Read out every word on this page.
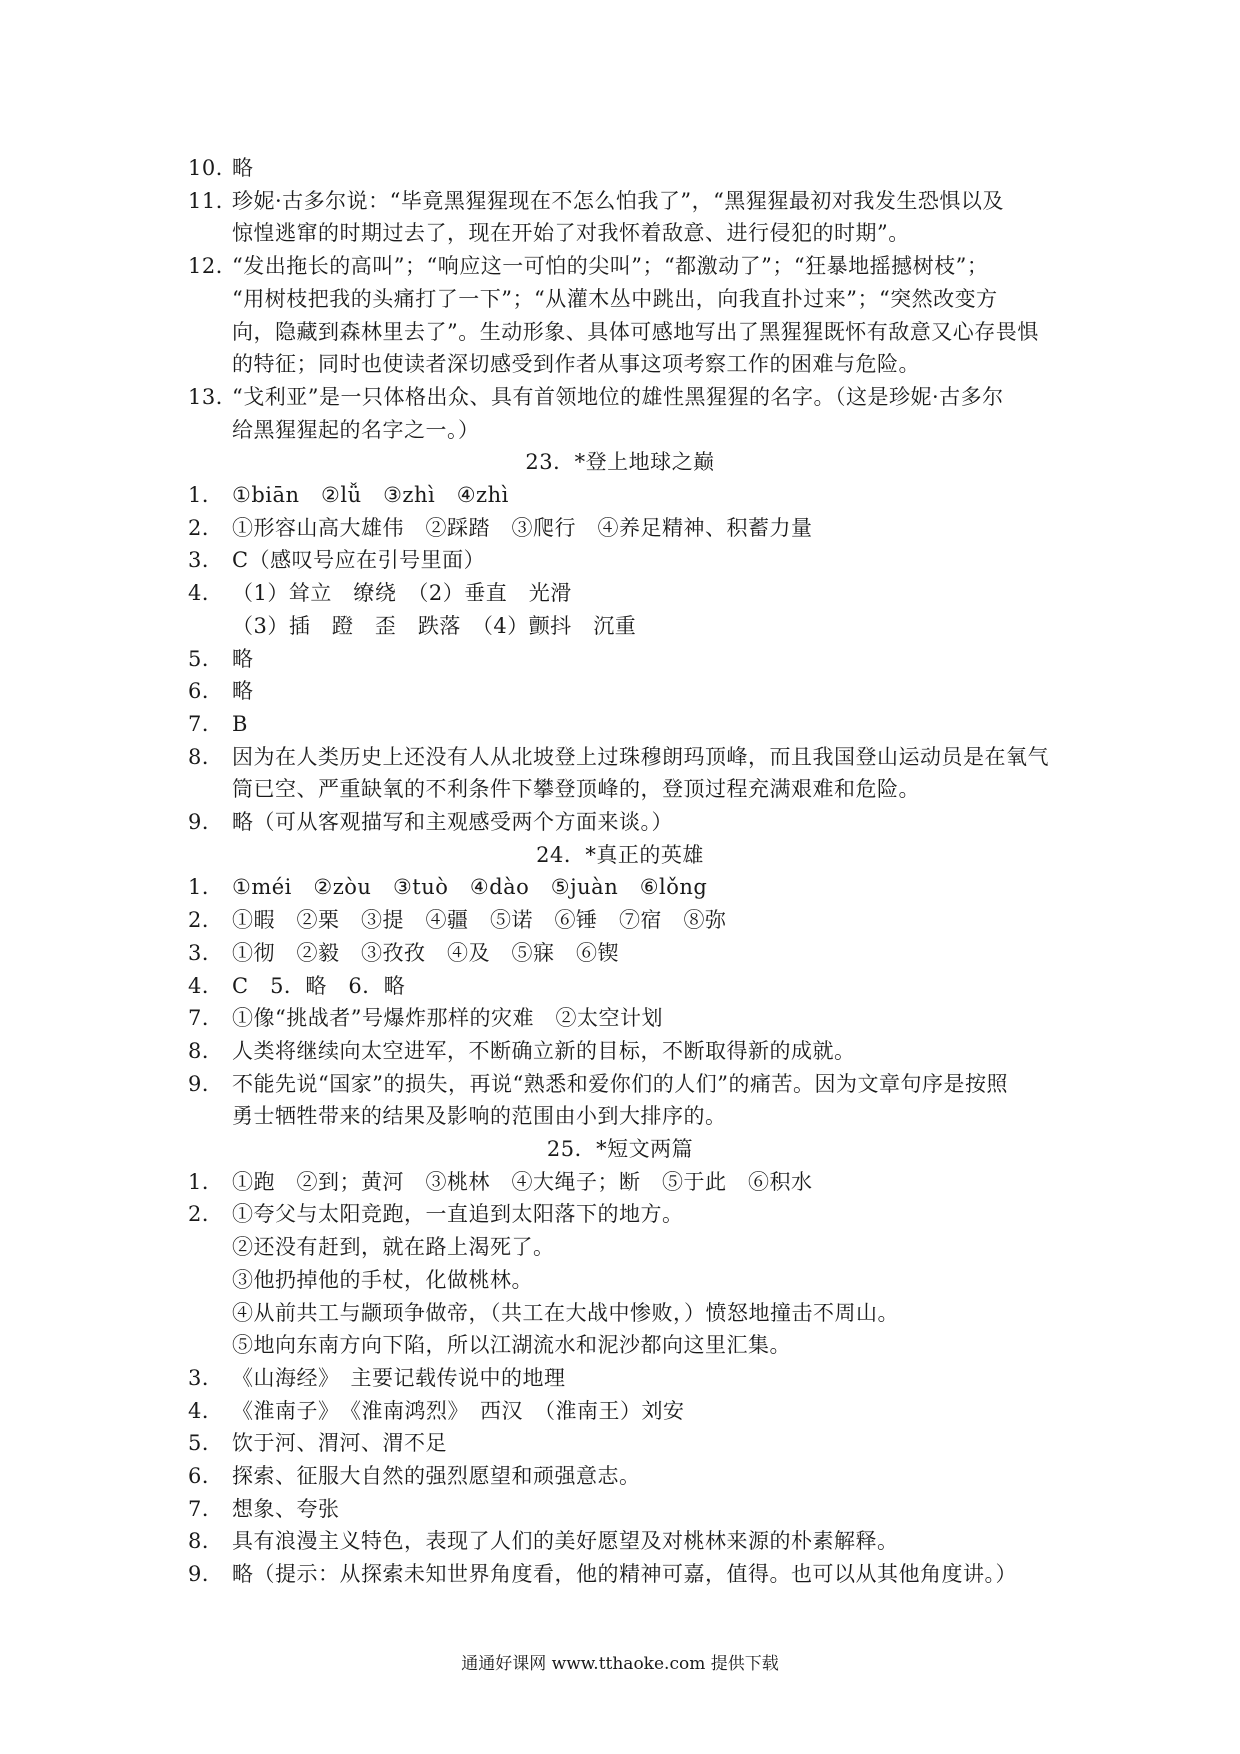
10．
略
11．
珍妮·古多尔说：“毕竟黑猩猩现在不怎么怕我了”，“黑猩猩最初对我发生恐惧以及
惊惶逃窜的时期过去了，现在开始了对我怀着敌意、进行侵犯的时期”。
12．
“发出拖长的高叫”；“响应这一可怕的尖叫”；“都激动了”；“狂暴地摇撼树枝”；
“用树枝把我的头痛打了一下”；“从灌木丛中跳出，向我直扑过来”；“突然改变方
向，隐藏到森林里去了”。生动形象、具体可感地写出了黑猩猩既怀有敌意又心存畏惧
的特征；同时也使读者深切感受到作者从事这项考察工作的困难与危险。
13．
“戈利亚”是一只体格出众、具有首领地位的雄性黑猩猩的名字。（这是珍妮·古多尔
给黑猩猩起的名字之一。）
23．*登上地球之巅
1． ①biān　②lǚ　③zhì　④zhì
2． ①形容山高大雄伟　②踩踏　③爬行　④养足精神、积蓄力量
3． C（感叹号应在引号里面）
4． （1）耸立　缭绕　（2）垂直　光滑
（3）插　蹬　歪　跌落　（4）颤抖　沉重
5． 略
6． 略
7． B
8． 因为在人类历史上还没有人从北坡登上过珠穆朗玛顶峰，而且我国登山运动员是在氧气
筒已空、严重缺氧的不利条件下攀登顶峰的，登顶过程充满艰难和危险。
9． 略（可从客观描写和主观感受两个方面来谈。）
24．*真正的英雄
1． ①méi　②zòu　③tuò　④dào　⑤juàn　⑥lǒng
2． ①暇　②栗　③提　④疆　⑤诺　⑥锤　⑦宿　⑧弥
3． ①彻　②毅　③孜孜　④及　⑤寐　⑥锲
4． C　5．略　6．略
7． ①像“挑战者”号爆炸那样的灾难　②太空计划
8． 人类将继续向太空进军，不断确立新的目标，不断取得新的成就。
9． 不能先说“国家”的损失，再说“熟悉和爱你们的人们”的痛苦。因为文章句序是按照
勇士牺牲带来的结果及影响的范围由小到大排序的。
25．*短文两篇
1． ①跑　②到；黄河　③桃林　④大绳子；断　⑤于此　⑥积水
2． ①夸父与太阳竞跑，一直追到太阳落下的地方。
②还没有赶到，就在路上渴死了。
③他扔掉他的手杖，化做桃林。
④从前共工与颛顼争做帝，（共工在大战中惨败，）愤怒地撞击不周山。
⑤地向东南方向下陷，所以江湖流水和泥沙都向这里汇集。
3． 《山海经》　主要记载传说中的地理
4． 《淮南子》　《淮南鸿烈》　西汉　（淮南王）刘安
5． 饮于河、渭河、渭不足
6． 探索、征服大自然的强烈愿望和顽强意志。
7． 想象、夸张
8． 具有浪漫主义特色，表现了人们的美好愿望及对桃林来源的朴素解释。
9． 略（提示：从探索未知世界角度看，他的精神可嘉，值得。也可以从其他角度讲。）
通通好课网 www.tthaoke.com 提供下载
